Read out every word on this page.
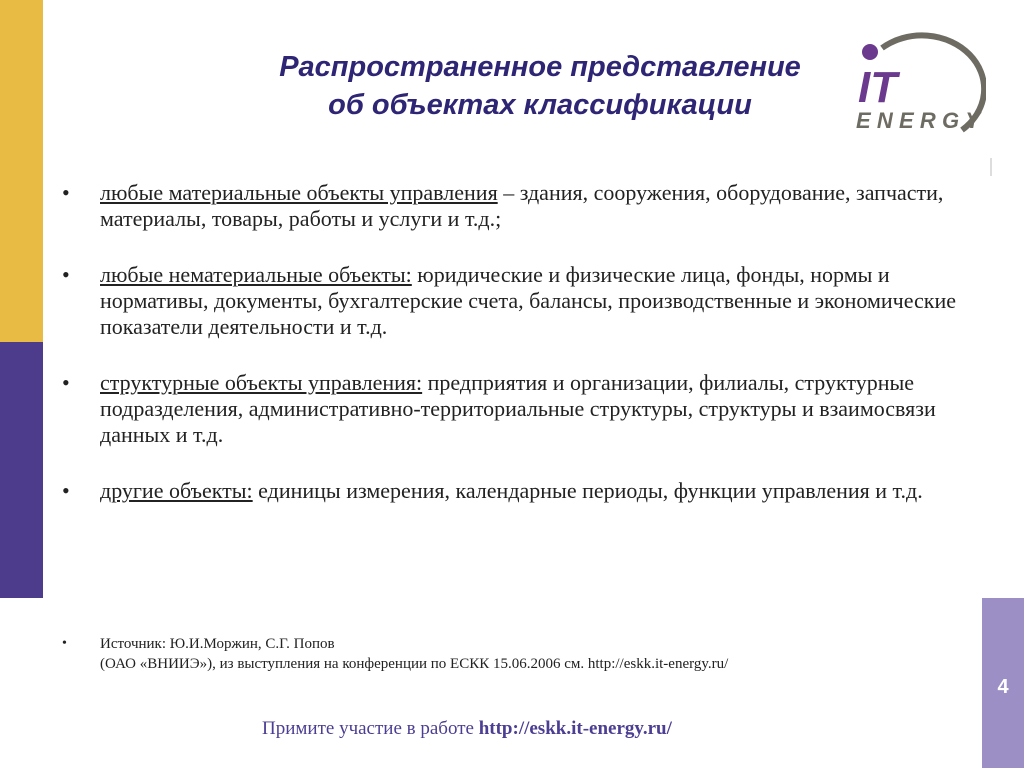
4
Распространенное представление
об объектах классификации	IT
ENERGY
• любые материальные объекты управления – здания, сооружения, оборудование, запчасти, материалы, товары, работы и услуги и т.д.;
• любые нематериальные объекты: юридические и физические лица, фонды, нормы и нормативы, документы, бухгалтерские счета, балансы, производственные и экономические показатели деятельности и т.д.
• структурные объекты управления: предприятия и организации, филиалы, структурные подразделения, административно-территориальные структуры, структуры и взаимосвязи данных и т.д.
• другие объекты: единицы измерения, календарные периоды, функции управления и т.д.
• Источник: Ю.И.Моржин, С.Г. Попов
(ОАО «ВНИИЭ»), из выступления на конференции по ЕСКК 15.06.2006 см. http://eskk.it-energy.ru/
Примите участие в работе http://eskk.it-energy.ru/
